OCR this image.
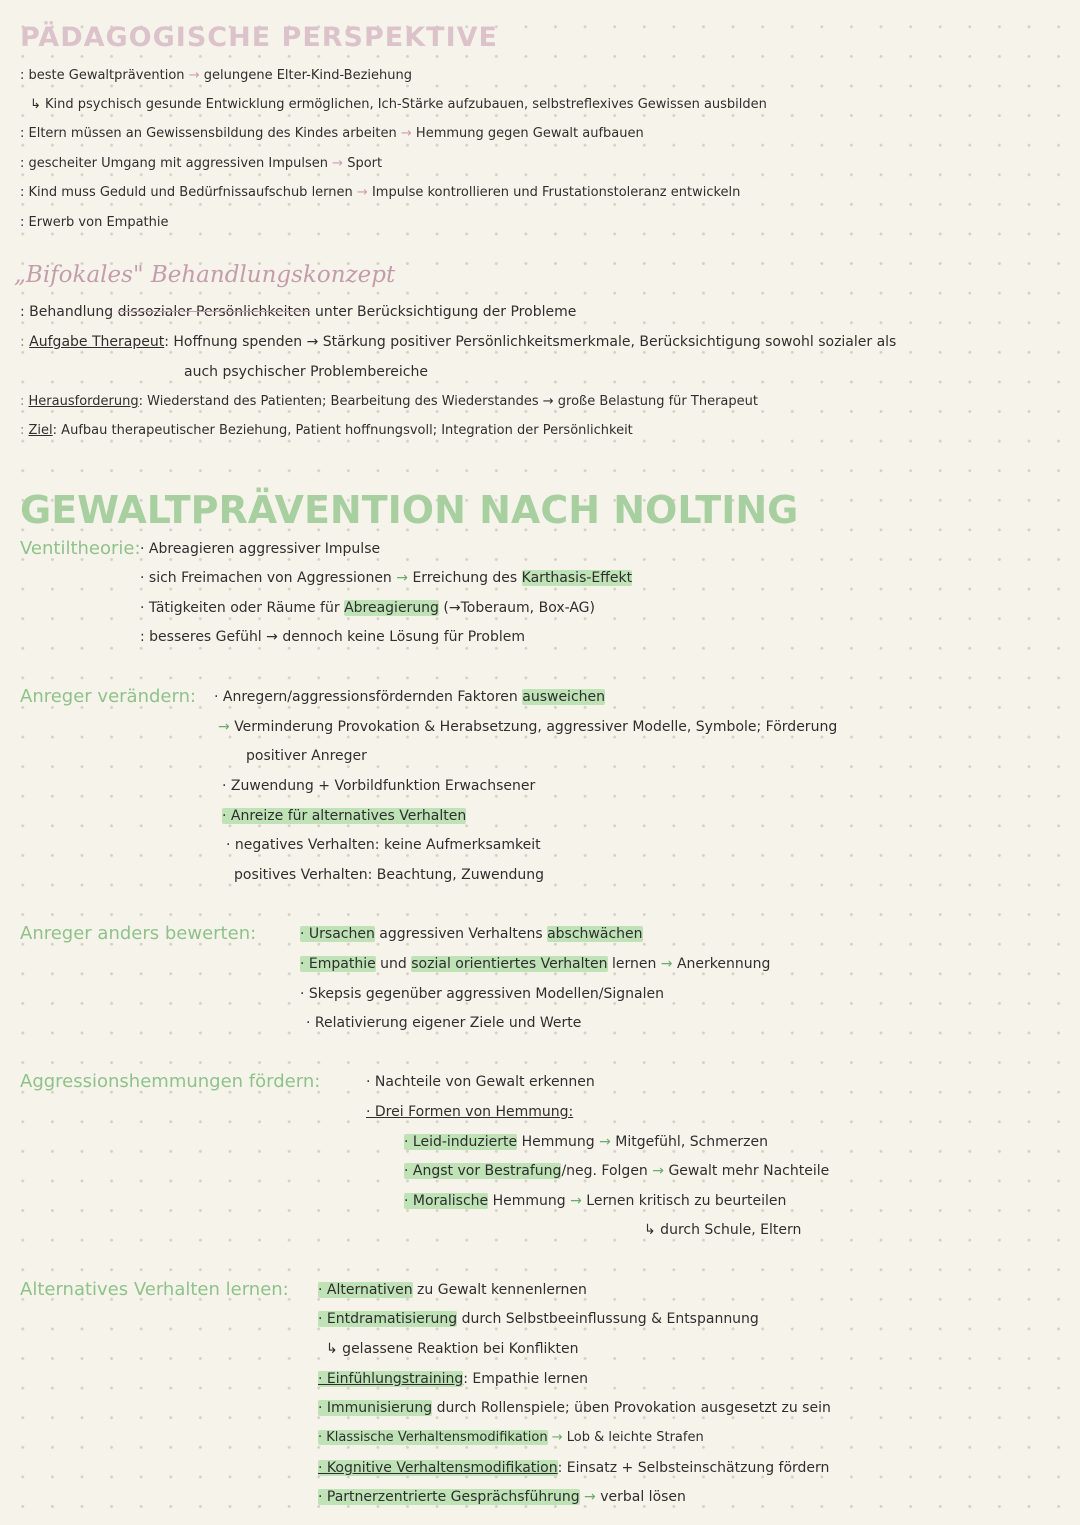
PÄDAGOGISCHE PERSPEKTIVE
: beste Gewaltprävention → gelungene Elter-Kind-Beziehung
↳ Kind psychisch gesunde Entwicklung ermöglichen, Ich-Stärke aufzubauen, selbstreflexives Gewissen ausbilden
: Eltern müssen an Gewissensbildung des Kindes arbeiten → Hemmung gegen Gewalt aufbauen
: gescheiter Umgang mit aggressiven Impulsen → Sport
: Kind muss Geduld und Bedürfnissaufschub lernen → Impulse kontrollieren und Frustationstoleranz entwickeln
: Erwerb von Empathie
„Bifokales" Behandlungskonzept
: Behandlung dissozialer Persönlichkeiten unter Berücksichtigung der Probleme
: Aufgabe Therapeut: Hoffnung spenden → Stärkung positiver Persönlichkeitsmerkmale, Berücksichtigung sowohl sozialer als
auch psychischer Problembereiche
: Herausforderung: Wiederstand des Patienten; Bearbeitung des Wiederstandes → große Belastung für Therapeut
: Ziel: Aufbau therapeutischer Beziehung, Patient hoffnungsvoll; Integration der Persönlichkeit
GEWALTPRÄVENTION NACH NOLTING
Ventiltheorie: · Abreagieren aggressiver Impulse
· sich Freimachen von Aggressionen → Erreichung des Karthasis-Effekt
· Tätigkeiten oder Räume für Abreagierung (→Toberaum, Box-AG)
: besseres Gefühl → dennoch keine Lösung für Problem
Anreger verändern: · Anregern/aggressionsfördernden Faktoren ausweichen
→ Verminderung Provokation & Herabsetzung, aggressiver Modelle, Symbole; Förderung
positiver Anreger
· Zuwendung + Vorbildfunktion Erwachsener
· Anreize für alternatives Verhalten
· negatives Verhalten: keine Aufmerksamkeit
positives Verhalten: Beachtung, Zuwendung
Anreger anders bewerten:	· Ursachen aggressiven Verhaltens abschwächen
· Empathie und sozial orientiertes Verhalten lernen → Anerkennung
· Skepsis gegenüber aggressiven Modellen/Signalen
· Relativierung eigener Ziele und Werte
Aggressionshemmungen fördern:	· Nachteile von Gewalt erkennen
· Drei Formen von Hemmung:
· Leid-induzierte Hemmung → Mitgefühl, Schmerzen
· Angst vor Bestrafung/neg. Folgen → Gewalt mehr Nachteile
· Moralische Hemmung → Lernen kritisch zu beurteilen
↳ durch Schule, Eltern
Alternatives Verhalten lernen: · Alternativen zu Gewalt kennenlernen
· Entdramatisierung durch Selbstbeeinflussung & Entspannung
↳ gelassene Reaktion bei Konflikten
· Einfühlungstraining: Empathie lernen
· Immunisierung durch Rollenspiele; üben Provokation ausgesetzt zu sein
· Klassische Verhaltensmodifikation → Lob & leichte Strafen
· Kognitive Verhaltensmodifikation: Einsatz + Selbsteinschätzung fördern
· Partnerzentrierte Gesprächsführung → verbal lösen
